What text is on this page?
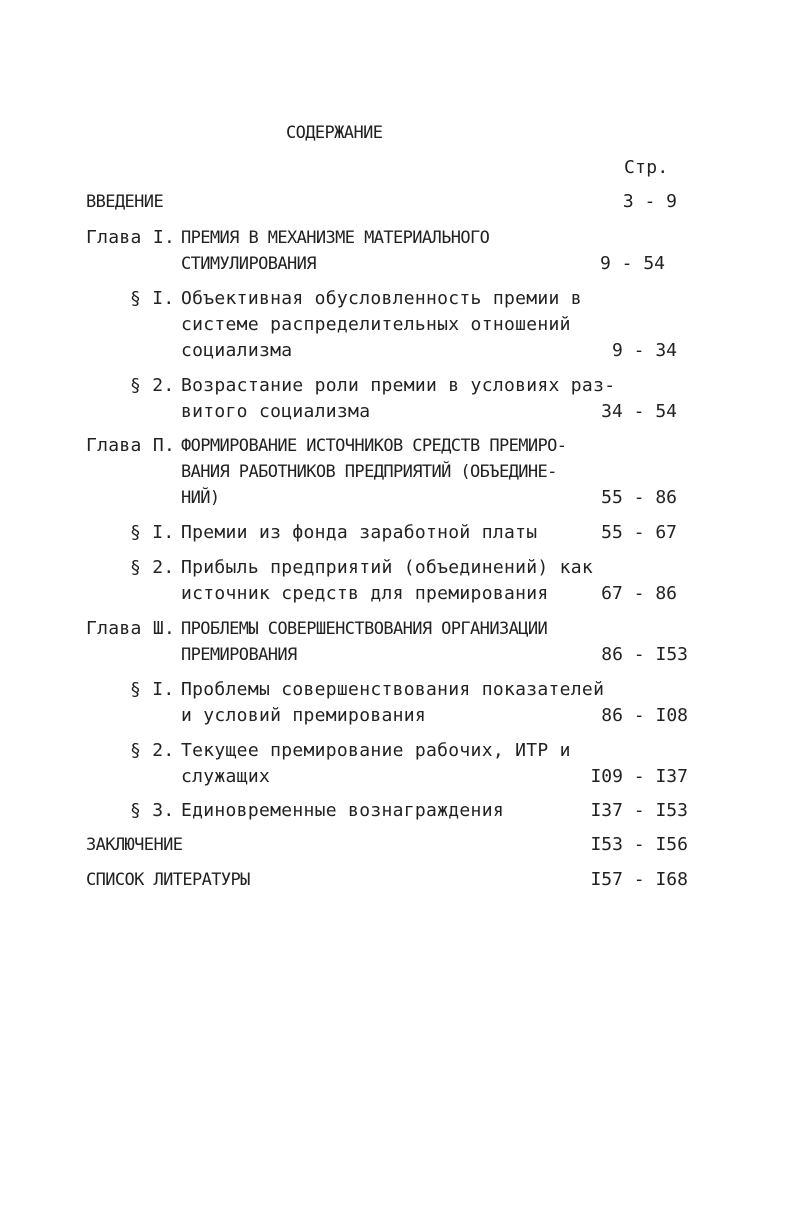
СОДЕРЖАНИЕ
Стр.
ВВЕДЕНИЕ	3 - 9
Глава I. ПРЕМИЯ В МЕХАНИЗМЕ МАТЕРИАЛЬНОГО
СТИМУЛИРОВАНИЯ	9 - 54
§ I. Объективная обусловленность премии в
системе распределительных отношений
социализма	9 - 34
§ 2. Возрастание роли премии в условиях раз-
витого социализма	34 - 54
Глава П. ФОРМИРОВАНИЕ ИСТОЧНИКОВ СРЕДСТВ ПРЕМИРО-
ВАНИЯ РАБОТНИКОВ ПРЕДПРИЯТИЙ (ОБЪЕДИНЕ-
НИЙ)	55 - 86
§ I. Премии из фонда заработной платы	55 - 67
§ 2. Прибыль предприятий (объединений) как
источник средств для премирования	67 - 86
Глава Ш. ПРОБЛЕМЫ СОВЕРШЕНСТВОВАНИЯ ОРГАНИЗАЦИИ
ПРЕМИРОВАНИЯ	86 - I53
§ I. Проблемы совершенствования показателей
и условий премирования	86 - I08
§ 2. Текущее премирование рабочих, ИТР и
служащих	I09 - I37
§ 3. Единовременные вознаграждения	I37 - I53
ЗАКЛЮЧЕНИЕ	I53 - I56
СПИСОК ЛИТЕРАТУРЫ	I57 - I68
